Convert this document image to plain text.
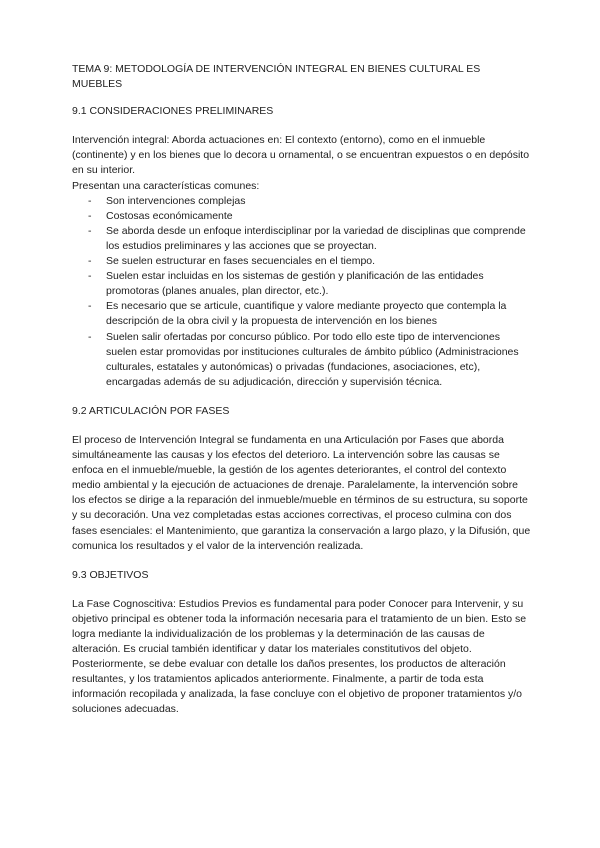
TEMA 9: METODOLOGÍA DE INTERVENCIÓN INTEGRAL EN BIENES CULTURAL ES MUEBLES

9.1 CONSIDERACIONES PRELIMINARES

Intervención integral: Aborda actuaciones en: El contexto (entorno), como en el inmueble (continente) y en los bienes que lo decora u ornamental, o se encuentran expuestos o en depósito en su interior.

Presentan una características comunes:

- Son intervenciones complejas
- Costosas económicamente
- Se aborda desde un enfoque interdisciplinar por la variedad de disciplinas que comprende los estudios preliminares y las acciones que se proyectan.
- Se suelen estructurar en fases secuenciales en el tiempo.
- Suelen estar incluidas en los sistemas de gestión y planificación de las entidades promotoras (planes anuales, plan director, etc.).
- Es necesario que se articule, cuantifique y valore mediante proyecto que contempla la descripción de la obra civil y la propuesta de intervención en los bienes
- Suelen salir ofertadas por concurso público. Por todo ello este tipo de intervenciones suelen estar promovidas por instituciones culturales de ámbito público (Administraciones culturales, estatales y autonómicas) o privadas (fundaciones, asociaciones, etc), encargadas además de su adjudicación, dirección y supervisión técnica.

9.2 ARTICULACIÓN POR FASES

El proceso de Intervención Integral se fundamenta en una Articulación por Fases que aborda simultáneamente las causas y los efectos del deterioro. La intervención sobre las causas se enfoca en el inmueble/mueble, la gestión de los agentes deteriorantes, el control del contexto medio ambiental y la ejecución de actuaciones de drenaje. Paralelamente, la intervención sobre los efectos se dirige a la reparación del inmueble/mueble en términos de su estructura, su soporte y su decoración. Una vez completadas estas acciones correctivas, el proceso culmina con dos fases esenciales: el Mantenimiento, que garantiza la conservación a largo plazo, y la Difusión, que comunica los resultados y el valor de la intervención realizada.

9.3 OBJETIVOS

La Fase Cognoscitiva: Estudios Previos es fundamental para poder Conocer para Intervenir, y su objetivo principal es obtener toda la información necesaria para el tratamiento de un bien. Esto se logra mediante la individualización de los problemas y la determinación de las causas de alteración. Es crucial también identificar y datar los materiales constitutivos del objeto. Posteriormente, se debe evaluar con detalle los daños presentes, los productos de alteración resultantes, y los tratamientos aplicados anteriormente. Finalmente, a partir de toda esta información recopilada y analizada, la fase concluye con el objetivo de proponer tratamientos y/o soluciones adecuadas.
